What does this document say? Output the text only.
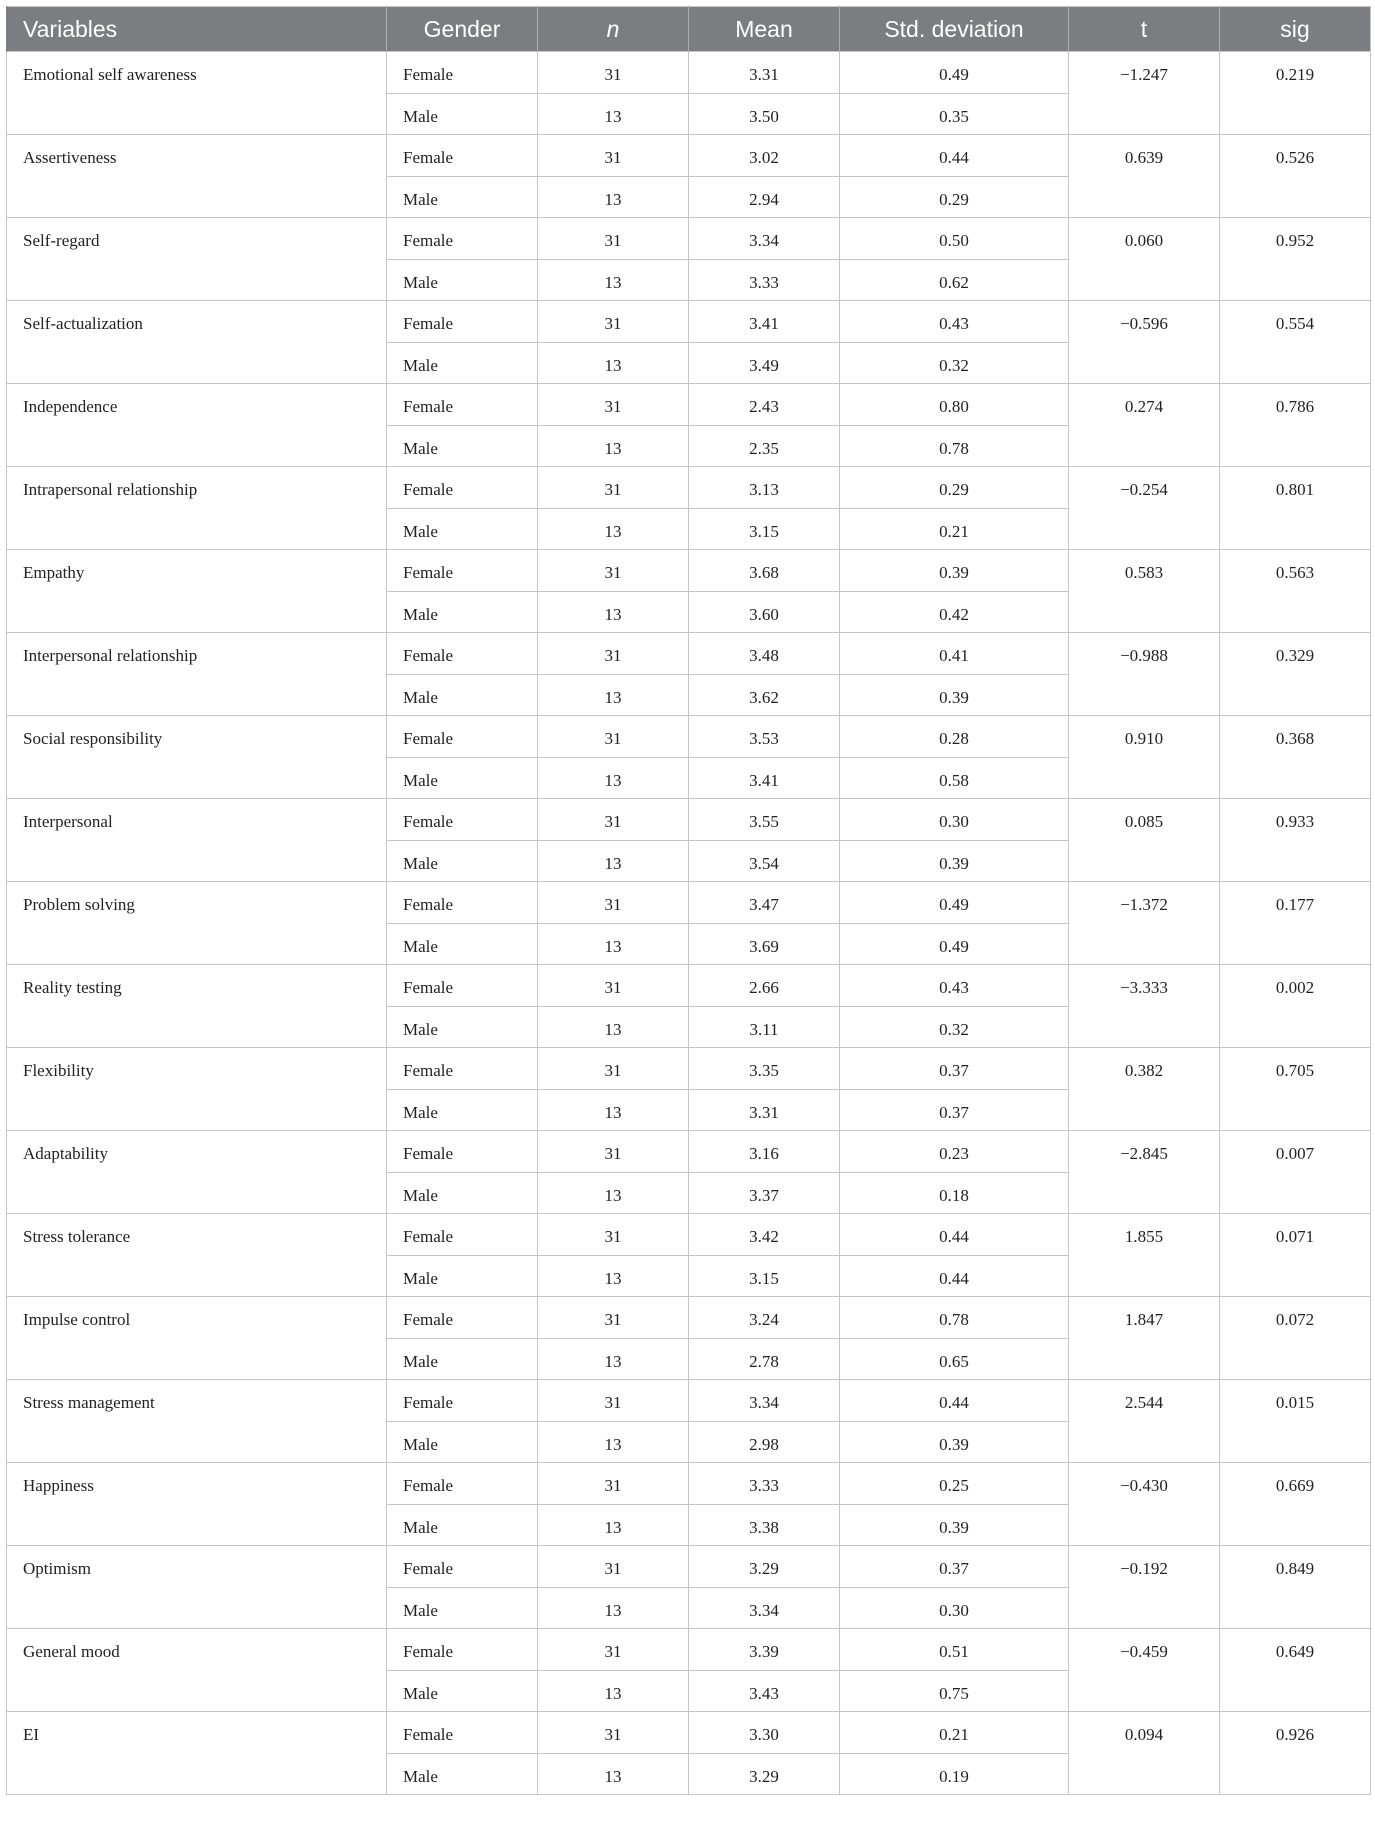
Variables	Gender	n	Mean	Std. deviation	t	sig
Emotional self awareness	Female	31	3.31	0.49	−1.247	0.219
	Male	13	3.50	0.35		
Assertiveness	Female	31	3.02	0.44	0.639	0.526
	Male	13	2.94	0.29		
Self-regard	Female	31	3.34	0.50	0.060	0.952
	Male	13	3.33	0.62		
Self-actualization	Female	31	3.41	0.43	−0.596	0.554
	Male	13	3.49	0.32		
Independence	Female	31	2.43	0.80	0.274	0.786
	Male	13	2.35	0.78		
Intrapersonal relationship	Female	31	3.13	0.29	−0.254	0.801
	Male	13	3.15	0.21		
Empathy	Female	31	3.68	0.39	0.583	0.563
	Male	13	3.60	0.42		
Interpersonal relationship	Female	31	3.48	0.41	−0.988	0.329
	Male	13	3.62	0.39		
Social responsibility	Female	31	3.53	0.28	0.910	0.368
	Male	13	3.41	0.58		
Interpersonal	Female	31	3.55	0.30	0.085	0.933
	Male	13	3.54	0.39		
Problem solving	Female	31	3.47	0.49	−1.372	0.177
	Male	13	3.69	0.49		
Reality testing	Female	31	2.66	0.43	−3.333	0.002
	Male	13	3.11	0.32		
Flexibility	Female	31	3.35	0.37	0.382	0.705
	Male	13	3.31	0.37		
Adaptability	Female	31	3.16	0.23	−2.845	0.007
	Male	13	3.37	0.18		
Stress tolerance	Female	31	3.42	0.44	1.855	0.071
	Male	13	3.15	0.44		
Impulse control	Female	31	3.24	0.78	1.847	0.072
	Male	13	2.78	0.65		
Stress management	Female	31	3.34	0.44	2.544	0.015
	Male	13	2.98	0.39		
Happiness	Female	31	3.33	0.25	−0.430	0.669
	Male	13	3.38	0.39		
Optimism	Female	31	3.29	0.37	−0.192	0.849
	Male	13	3.34	0.30		
General mood	Female	31	3.39	0.51	−0.459	0.649
	Male	13	3.43	0.75		
EI	Female	31	3.30	0.21	0.094	0.926
	Male	13	3.29	0.19		
